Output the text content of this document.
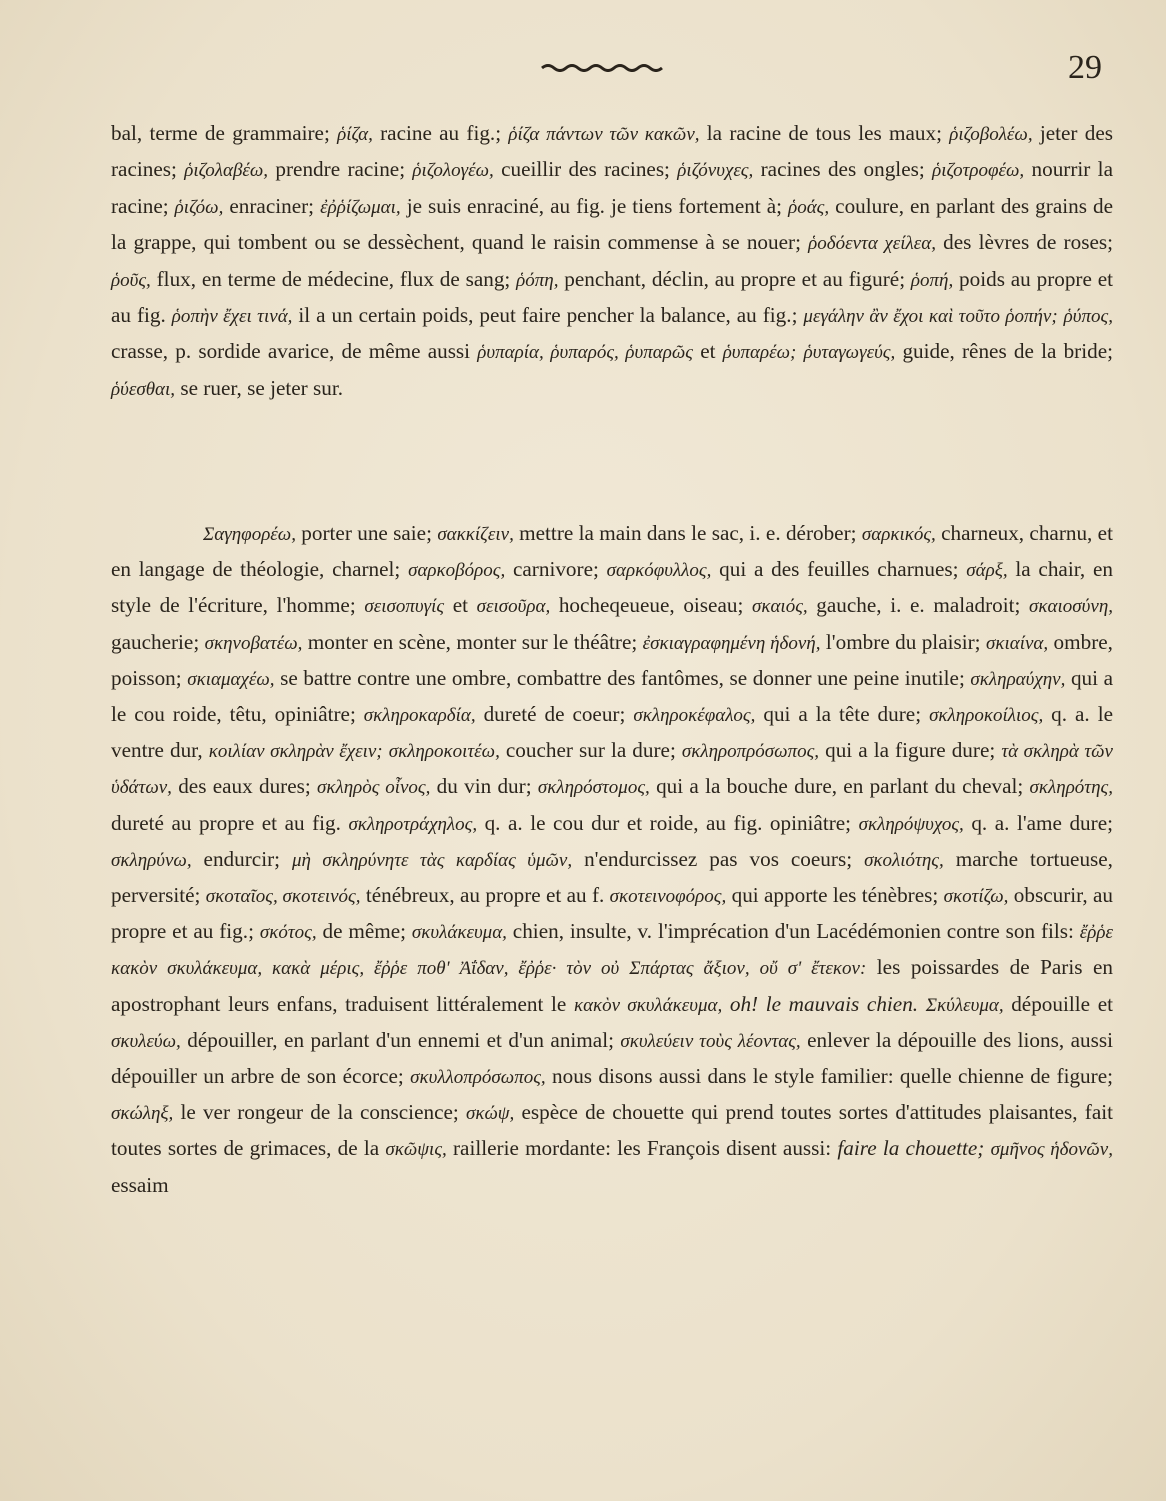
29

bal, terme de grammaire; ῥίζα, racine au fig.; ῥίζα πάντων τῶν κακῶν, la racine de tous les maux; ῥιζοβολέω, jeter des racines; ῥιζολαβέω, prendre racine; ῥιζολογέω, cueillir des racines; ῥιζόνυχες, racines des ongles; ῥιζοτροφέω, nourrir la racine; ῥιζόω, enraciner; ἐῤῥίζωμαι, je suis enraciné, au fig. je tiens fortement à; ῥοάς, coulure, en parlant des grains de la grappe, qui tombent ou se dessèchent, quand le raisin commense à se nouer; ῥοδόεντα χείλεα, des lèvres de roses; ῥοῦς, flux, en terme de médecine, flux de sang; ῥόπη, penchant, déclin, au propre et au figuré; ῥοπή, poids au propre et au fig. ῥοπὴν ἔχει τινά, il a un certain poids, peut faire pencher la balance, au fig.; μεγάλην ἂν ἔχοι καὶ τοῦτο ῥοπήν; ῥύπος, crasse, p. sordide avarice, de même aussi ῥυπαρία, ῥυπαρός, ῥυπαρῶς et ῥυπαρέω; ῥυταγωγεύς, guide, rênes de la bride; ῥύεσθαι, se ruer, se jeter sur.

Σαγηφορέω, porter une saie; σακκίζειν, mettre la main dans le sac, i. e. dérober; σαρκικός, charneux, charnu, et en langage de théologie, charnel; σαρκοβόρος, carnivore; σαρκόφυλλος, qui a des feuilles charnues; σάρξ, la chair, en style de l'écriture, l'homme; σεισοπυγίς et σεισοῦρα, hocheqeueue, oiseau; σκαιός, gauche, i. e. maladroit; σκαιοσύνη, gaucherie; σκηνοβατέω, monter en scène, monter sur le théâtre; ἐσκιαγραφημένη ἡδονή, l'ombre du plaisir; σκιαίνα, ombre, poisson; σκιαμαχέω, se battre contre une ombre, combattre des fantômes, se donner une peine inutile; σκληραύχην, qui a le cou roide, têtu, opiniâtre; σκληροκαρδία, dureté de coeur; σκληροκέφαλος, qui a la tête dure; σκληροκοίλιος, q. a. le ventre dur, κοιλίαν σκληρὰν ἔχειν; σκληροκοιτέω, coucher sur la dure; σκληροπρόσωπος, qui a la figure dure; τὰ σκληρὰ τῶν ὑδάτων, des eaux dures; σκληρὸς οἶνος, du vin dur; σκληρόστομος, qui a la bouche dure, en parlant du cheval; σκληρότης, dureté au propre et au fig. σκληροτράχηλος, q. a. le cou dur et roide, au fig. opiniâtre; σκληρόψυχος, q. a. l'ame dure; σκληρύνω, endurcir; μὴ σκληρύνητε τὰς καρδίας ὑμῶν, n'endurcissez pas vos coeurs; σκολιότης, marche tortueuse, perversité; σκοταῖος, σκοτεινός, ténébreux, au propre et au f. σκοτεινοφόρος, qui apporte les ténèbres; σκοτίζω, obscurir, au propre et au fig.; σκότος, de même; σκυλάκευμα, chien, insulte, v. l'imprécation d'un Lacédémonien contre son fils: ἔῤῥε κακὸν σκυλάκευμα, κακὰ μέρις, ἔῤῥε ποθ' Ἀΐδαν, ἔῤῥε· τὸν οὐ Σπάρτας ἄξιον, οὔ σ' ἔτεκον: les poissardes de Paris en apostrophant leurs enfans, traduisent littéralement le κακὸν σκυλάκευμα, oh! le mauvais chien. Σκύλευμα, dépouille et σκυλεύω, dépouiller, en parlant d'un ennemi et d'un animal; σκυλεύειν τοὺς λέοντας, enlever la dépouille des lions, aussi dépouiller un arbre de son écorce; σκυλλοπρόσωπος, nous disons aussi dans le style familier: quelle chienne de figure; σκώληξ, le ver rongeur de la conscience; σκώψ, espèce de chouette qui prend toutes sortes d'attitudes plaisantes, fait toutes sortes de grimaces, de la σκῶψις, raillerie mordante: les François disent aussi: faire la chouette; σμῆνος ἡδονῶν, essaim
